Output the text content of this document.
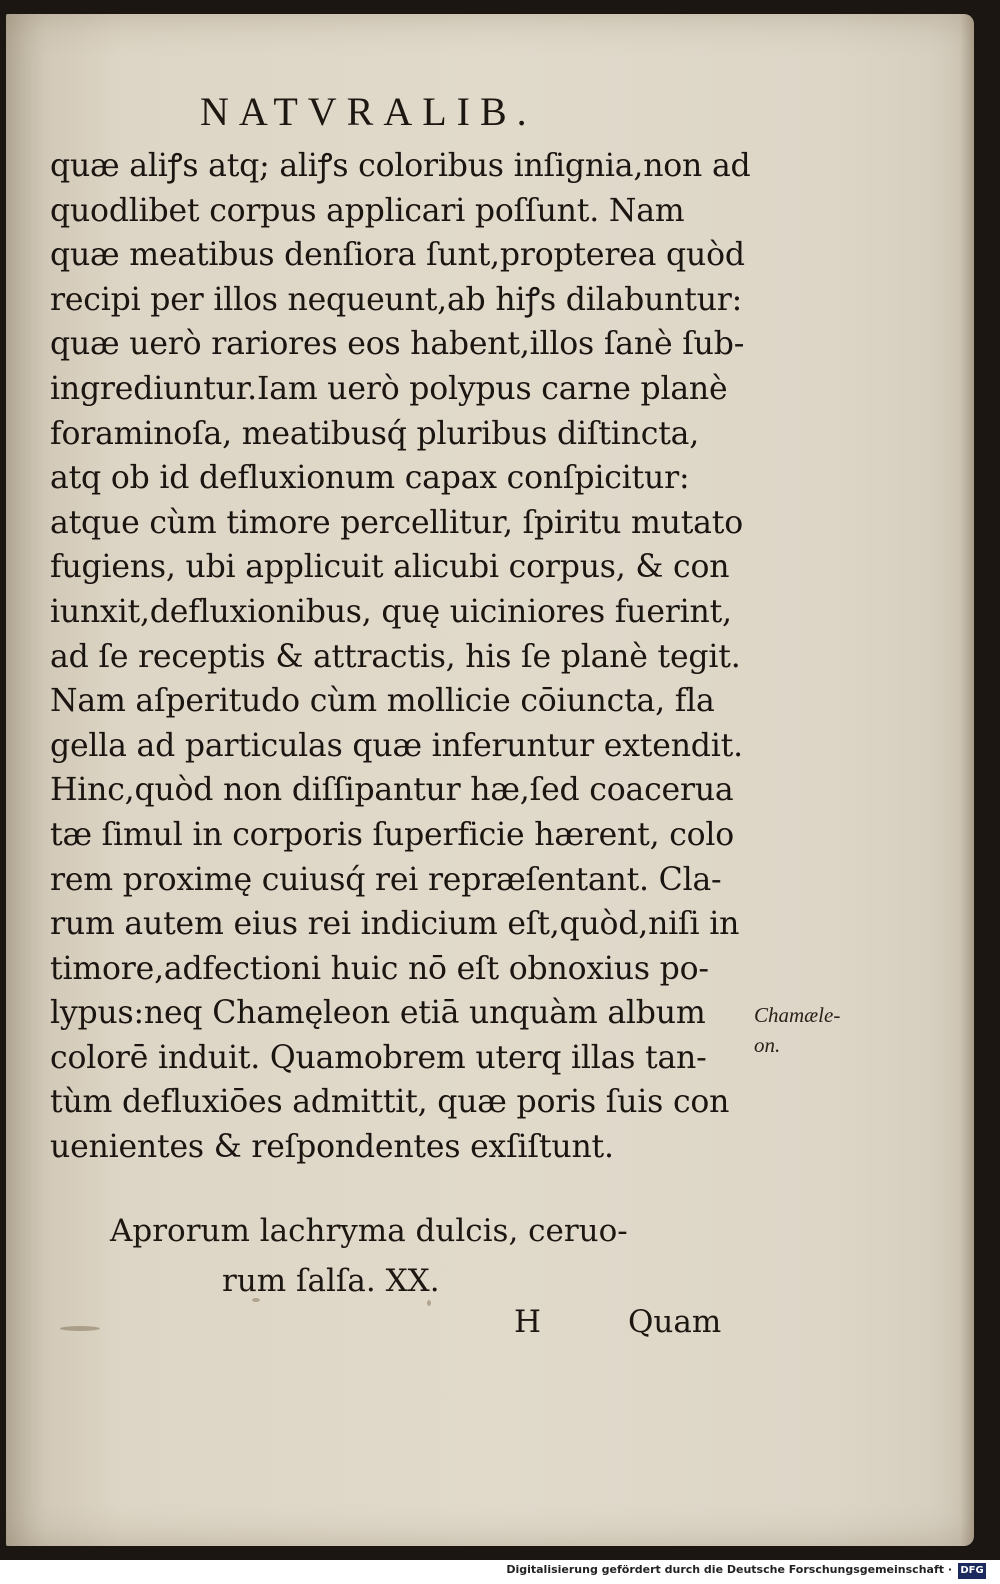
NATVRALIB.
quæ aliꝭs atq; aliꝭs coloribus inſignia,non ad
quodlibet corpus applicari poſſunt. Nam
quæ meatibus denſiora ſunt,propterea quòd
recipi per illos nequeunt,ab hiꝭs dilabuntur:
quæ uerò rariores eos habent,illos ſanè ſub-
ingrediuntur.Iam uerò polypus carne planè
foraminoſa, meatibusq́ pluribus diſtincta,
atq ob id defluxionum capax conſpicitur:
atque cùm timore percellitur, ſpiritu mutato
fugiens, ubi applicuit alicubi corpus, & con
iunxit,defluxionibus, quę uiciniores fuerint,
ad ſe receptis & attractis, his ſe planè tegit.
Nam aſperitudo cùm mollicie cōiuncta, fla
gella ad particulas quæ inferuntur extendit.
Hinc,quòd non diſſipantur hæ,ſed coacerua
tæ ſimul in corporis ſuperficie hærent, colo
rem proximę cuiusq́ rei repræſentant. Cla-
rum autem eius rei indicium eſt,quòd,niſi in
timore,adfectioni huic nō eſt obnoxius po-
lypus:neq Chamęleon etiā unquàm album
colorē induit. Quamobrem uterq illas tan-
tùm defluxiōes admittit, quæ poris ſuis con
uenientes & reſpondentes exſiſtunt.
Chamæle-
on.
Aprorum lachryma dulcis, ceruo-
rum ſalſa. XX.
H	Quam
Digitalisierung gefördert durch die Deutsche Forschungsgemeinschaft · DFG
